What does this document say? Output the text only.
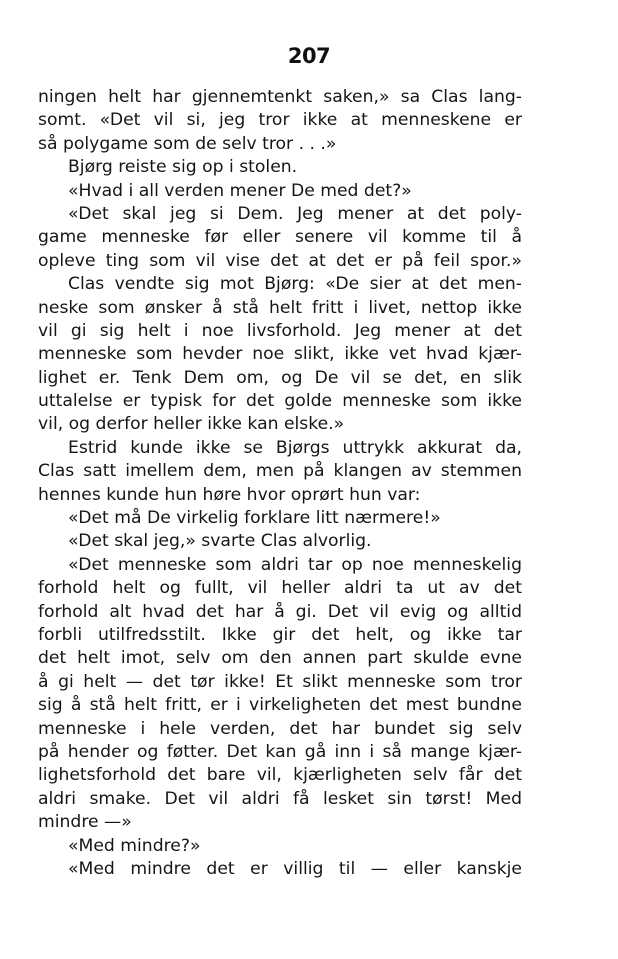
207
ningen helt har gjennemtenkt saken,» sa Clas lang-
somt. «Det vil si, jeg tror ikke at menneskene er
så polygame som de selv tror . . .»
Bjørg reiste sig op i stolen.
«Hvad i all verden mener De med det?»
«Det skal jeg si Dem. Jeg mener at det poly-
game menneske før eller senere vil komme til å
opleve ting som vil vise det at det er på feil spor.»
Clas vendte sig mot Bjørg: «De sier at det men-
neske som ønsker å stå helt fritt i livet, nettop ikke
vil gi sig helt i noe livsforhold. Jeg mener at det
menneske som hevder noe slikt, ikke vet hvad kjær-
lighet er. Tenk Dem om, og De vil se det, en slik
uttalelse er typisk for det golde menneske som ikke
vil, og derfor heller ikke kan elske.»
Estrid kunde ikke se Bjørgs uttrykk akkurat da,
Clas satt imellem dem, men på klangen av stemmen
hennes kunde hun høre hvor oprørt hun var:
«Det må De virkelig forklare litt nærmere!»
«Det skal jeg,» svarte Clas alvorlig.
«Det menneske som aldri tar op noe menneskelig
forhold helt og fullt, vil heller aldri ta ut av det
forhold alt hvad det har å gi. Det vil evig og alltid
forbli utilfredsstilt. Ikke gir det helt, og ikke tar
det helt imot, selv om den annen part skulde evne
å gi helt — det tør ikke! Et slikt menneske som tror
sig å stå helt fritt, er i virkeligheten det mest bundne
menneske i hele verden, det har bundet sig selv
på hender og føtter. Det kan gå inn i så mange kjær-
lighetsforhold det bare vil, kjærligheten selv får det
aldri smake. Det vil aldri få lesket sin tørst! Med
mindre —»
«Med mindre?»
«Med mindre det er villig til — eller kanskje
